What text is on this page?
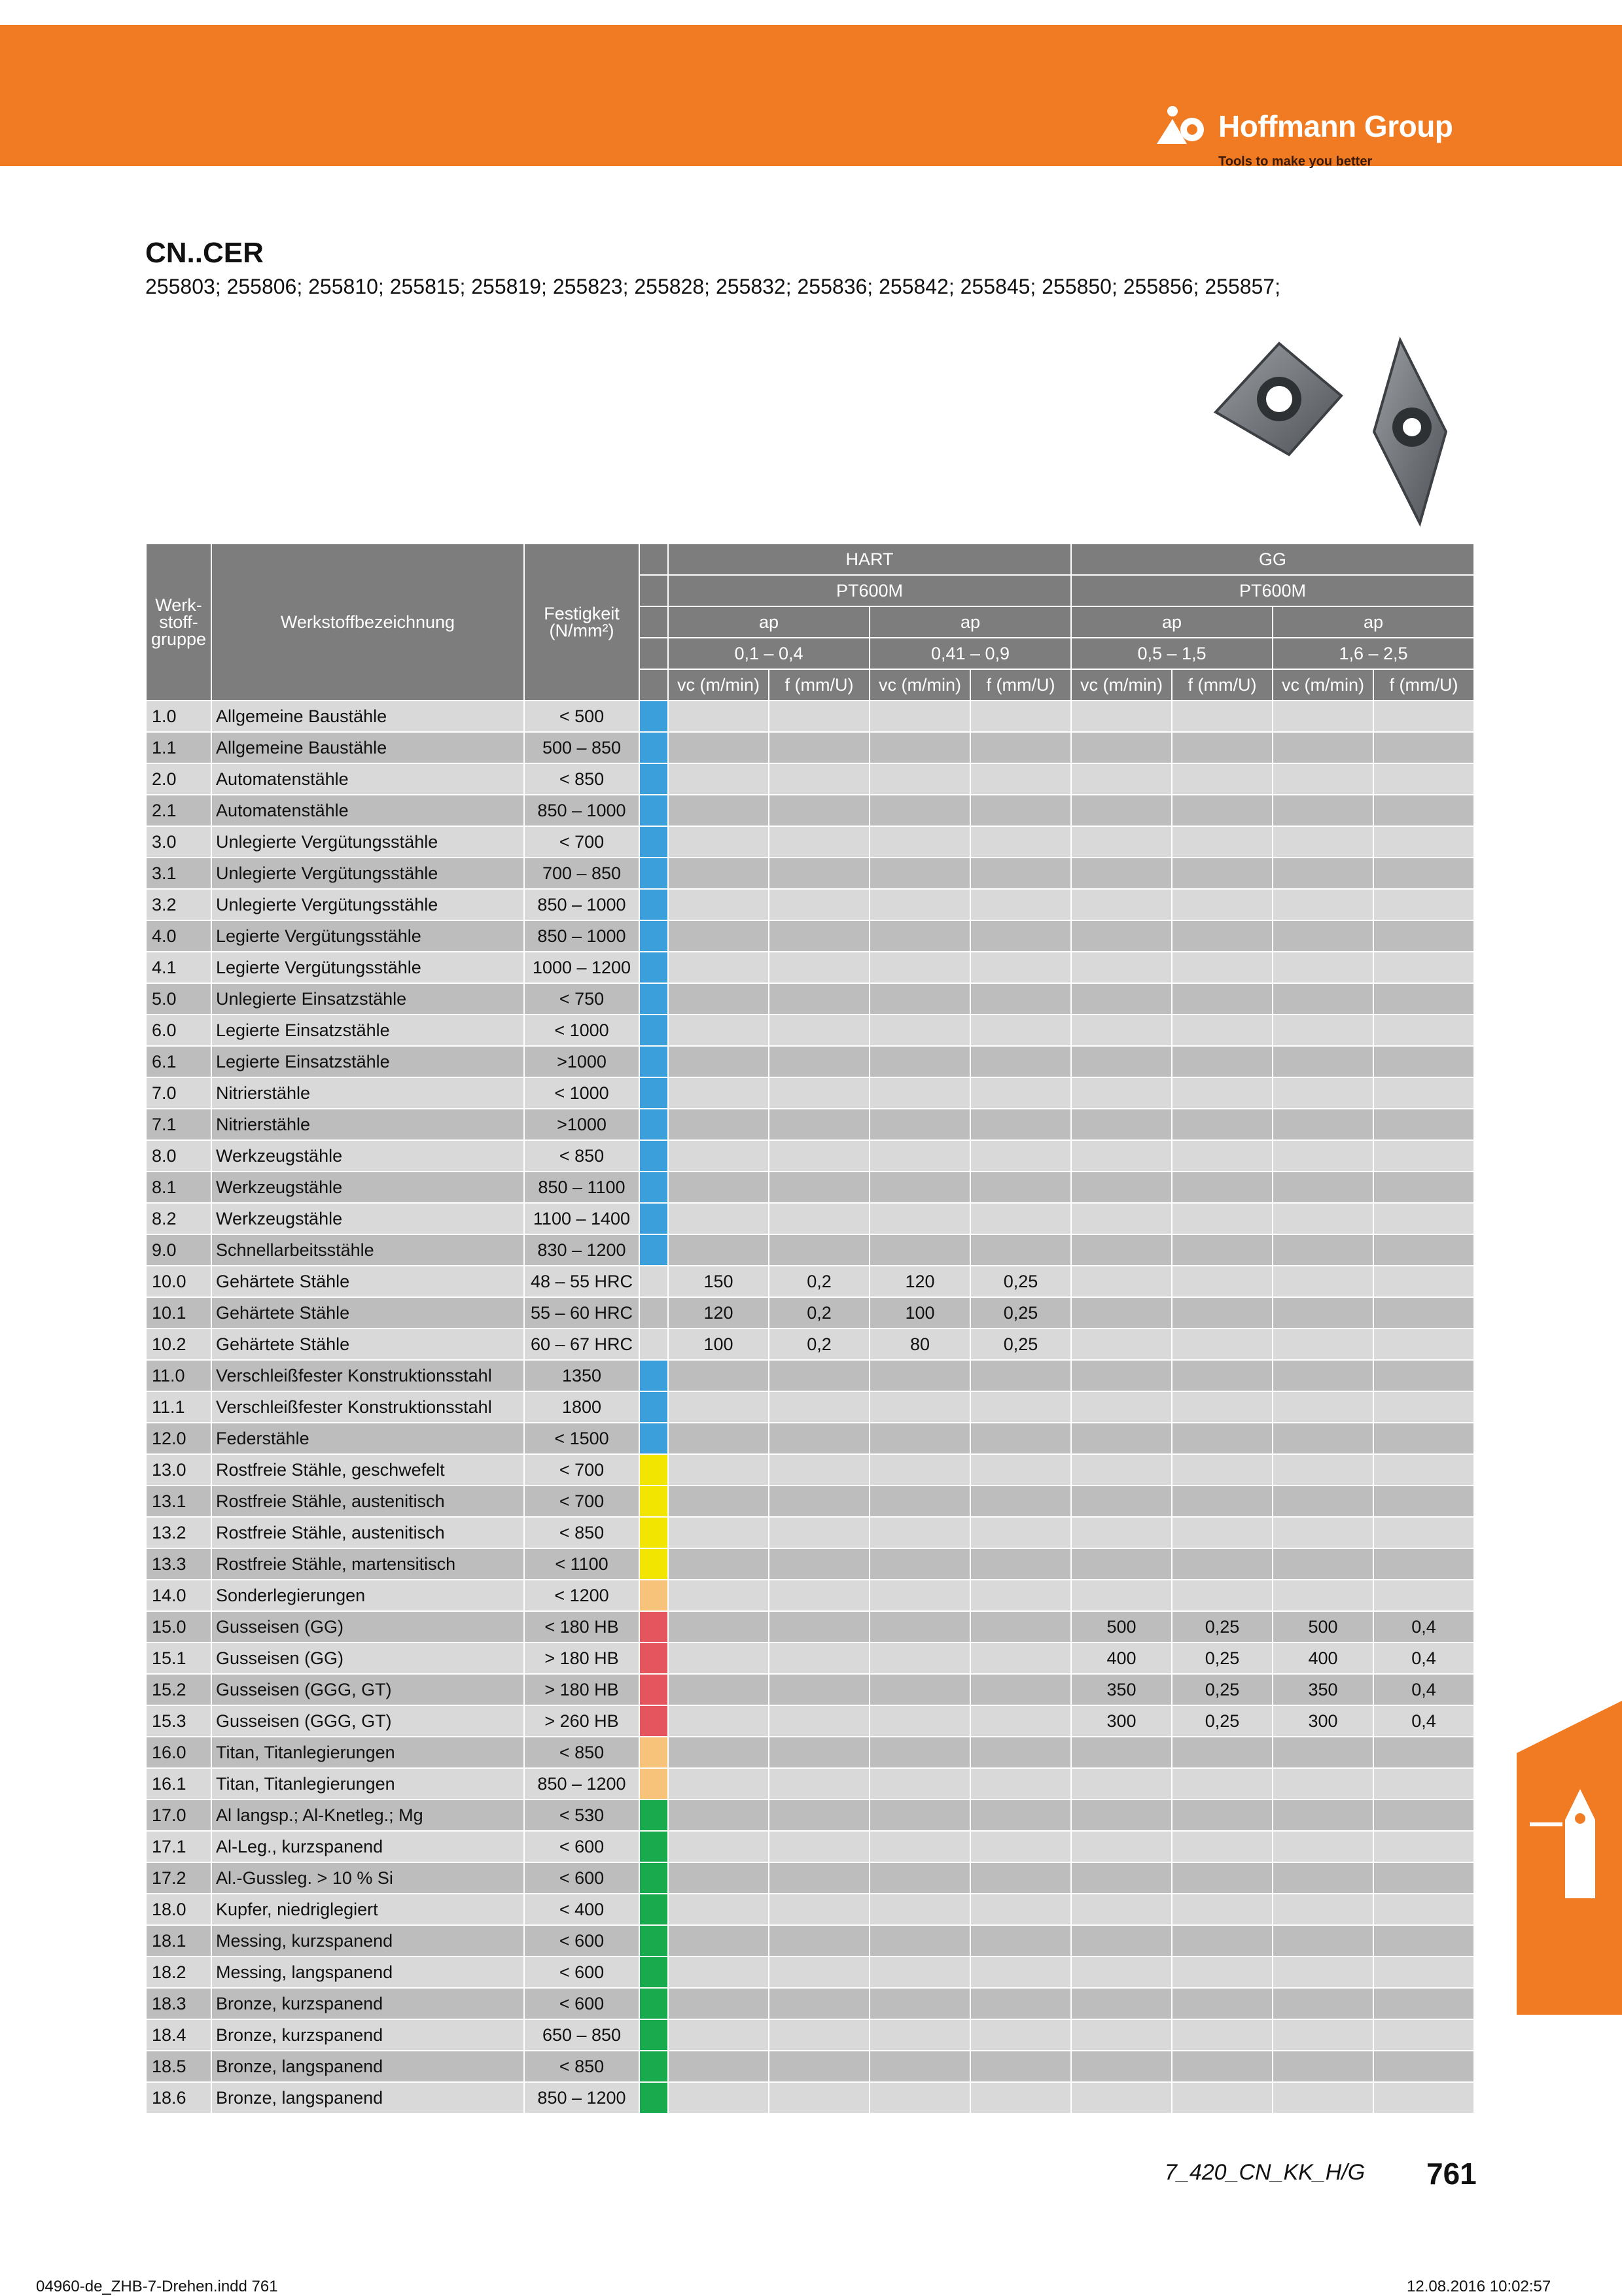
Hoffmann Group
Tools to make you better
CN..CER
255803; 255806; 255810; 255815; 255819; 255823; 255828; 255832; 255836; 255842; 255845; 255850; 255856; 255857;
Werk-stoff-gruppe	Werkstoffbezeichnung	Festigkeit
(N/mm²)		HART				GG			
				PT600M				PT600M			
				ap		ap		ap		ap	
				0,1 – 0,4		0,41 – 0,9		0,5 – 1,5		1,6 – 2,5	
				vc (m/min)	f (mm/U)	vc (m/min)	f (mm/U)	vc (m/min)	f (mm/U)	vc (m/min)	f (mm/U)
1.0	Allgemeine Baustähle	< 500									
1.1	Allgemeine Baustähle	500 – 850									
2.0	Automatenstähle	< 850									
2.1	Automatenstähle	850 – 1000									
3.0	Unlegierte Vergütungsstähle	< 700									
3.1	Unlegierte Vergütungsstähle	700 – 850									
3.2	Unlegierte Vergütungsstähle	850 – 1000									
4.0	Legierte Vergütungsstähle	850 – 1000									
4.1	Legierte Vergütungsstähle	1000 – 1200									
5.0	Unlegierte Einsatzstähle	< 750									
6.0	Legierte Einsatzstähle	< 1000									
6.1	Legierte Einsatzstähle	>1000									
7.0	Nitrierstähle	< 1000									
7.1	Nitrierstähle	>1000									
8.0	Werkzeugstähle	< 850									
8.1	Werkzeugstähle	850 – 1100									
8.2	Werkzeugstähle	1100 – 1400									
9.0	Schnellarbeitsstähle	830 – 1200									
10.0	Gehärtete Stähle	48 – 55 HRC		150	0,2	120	0,25				
10.1	Gehärtete Stähle	55 – 60 HRC		120	0,2	100	0,25				
10.2	Gehärtete Stähle	60 – 67 HRC		100	0,2	80	0,25				
11.0	Verschleißfester Konstruktionsstahl	1350									
11.1	Verschleißfester Konstruktionsstahl	1800									
12.0	Federstähle	< 1500									
13.0	Rostfreie Stähle, geschwefelt	< 700									
13.1	Rostfreie Stähle, austenitisch	< 700									
13.2	Rostfreie Stähle, austenitisch	< 850									
13.3	Rostfreie Stähle, martensitisch	< 1100									
14.0	Sonderlegierungen	< 1200									
15.0	Gusseisen (GG)	< 180 HB						500	0,25	500	0,4
15.1	Gusseisen (GG)	> 180 HB						400	0,25	400	0,4
15.2	Gusseisen (GGG, GT)	> 180 HB						350	0,25	350	0,4
15.3	Gusseisen (GGG, GT)	> 260 HB						300	0,25	300	0,4
16.0	Titan, Titanlegierungen	< 850									
16.1	Titan, Titanlegierungen	850 – 1200									
17.0	Al langsp.; Al-Knetleg.; Mg	< 530									
17.1	Al-Leg., kurzspanend	< 600									
17.2	Al.-Gussleg. > 10 % Si	< 600									
18.0	Kupfer, niedriglegiert	< 400									
18.1	Messing, kurzspanend	< 600									
18.2	Messing, langspanend	< 600									
18.3	Bronze, kurzspanend	< 600									
18.4	Bronze, kurzspanend	650 – 850									
18.5	Bronze, langspanend	< 850									
18.6	Bronze, langspanend	850 – 1200									
7_420_CN_KK_H/G 761
04960-de_ZHB-7-Drehen.indd 761	12.08.2016 10:02:57
